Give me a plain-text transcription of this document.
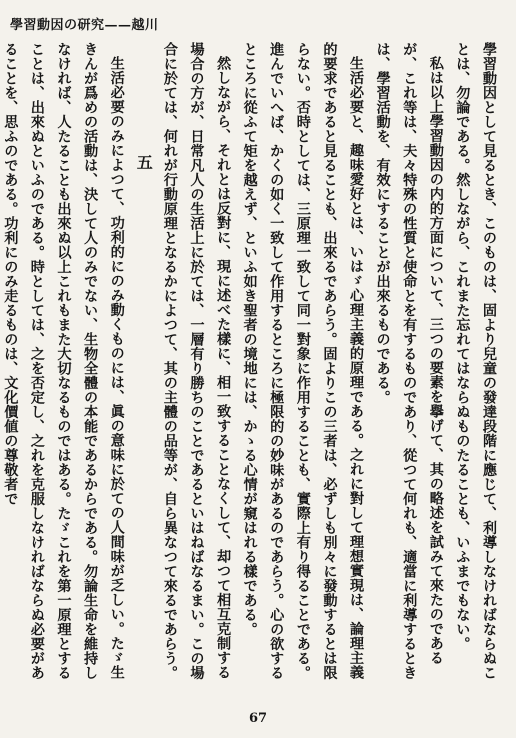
學習動因の研究——越川

學習動因として見るとき、このものは、固より兒童の發達段階に應じて、利導しなければならぬことは、勿論である。然しながら、これまた忘れてはならぬものたることも、いふまでもない。

私は以上學習動因の内的方面について、三つの要素を擧げて、其の略述を試みて來たのであるが、これ等は、夫々特殊の性質と使命とを有するものであり、從つて何れも、適當に利導するときは、學習活動を、有效にすることが出來るものである。

生活必要と、趣味愛好とは、いはゞ心理主義的原理である。之れに對して理想實現は、論理主義的要求であると見ることも、出來るであらう。固よりこの三者は、必ずしも別々に發動するとは限らない。否時としては、三原理一致して同一對象に作用することも、實際上有り得ることである。進んでいへば、かくの如く一致して作用するところに極限的の妙味があるのであらう。心の欲するところに從ふて矩を越えず、といふ如き聖者の境地には、かゝる心情が窺はれる樣である。

然しながら、それとは反對に、現に述べた樣に、相一致することなくして、却つて相互克制する場合の方が、日常凡人の生活上に於ては、一層有り勝ちのことであるといはねばなるまい。この場合に於ては、何れが行動原理となるかによつて、其の主體の品等が、自ら異なつて來るであらう。

五

生活必要のみによつて、功利的にのみ動くものには、眞の意味に於ての人間味が乏しい。たゞ生きんが爲めの活動は、決して人のみでない、生物全體の本能であるからである。勿論生命を維持しなければ、人たることも出來ぬ以上これもまた大切なるものではある。たゞこれを第一原理とすることは、出來ぬといふのである。時としては、之を否定し、之れを克服しなければならぬ必要があることを、思ふのである。功利にのみ走るものは、文化價値の尊敬者で

67
